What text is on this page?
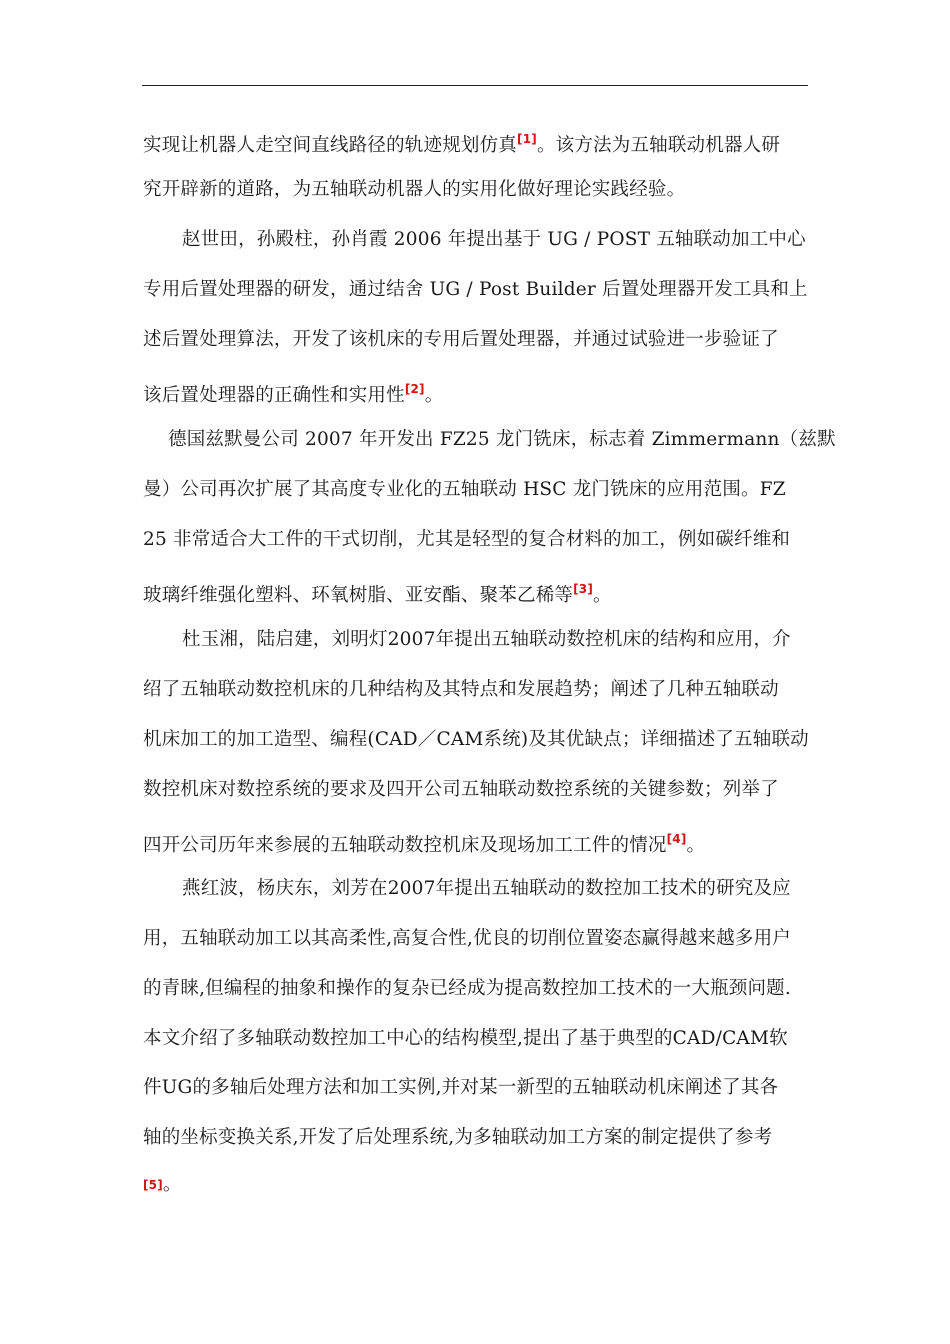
实现让机器人走空间直线路径的轨迹规划仿真[1]。该方法为五轴联动机器人研
究开辟新的道路，为五轴联动机器人的实用化做好理论实践经验。
赵世田，孙殿柱，孙肖霞 2006 年提出基于 UG / POST 五轴联动加工中心
专用后置处理器的研发，通过结舍 UG / Post Builder 后置处理器开发工具和上
述后置处理算法，开发了该机床的专用后置处理器，并通过试验进一步验证了
该后置处理器的正确性和实用性[2]。
德国兹默曼公司 2007 年开发出 FZ25 龙门铣床，标志着 Zimmermann（兹默
曼）公司再次扩展了其高度专业化的五轴联动 HSC 龙门铣床的应用范围。FZ
25 非常适合大工件的干式切削，尤其是轻型的复合材料的加工，例如碳纤维和
玻璃纤维强化塑料、环氧树脂、亚安酯、聚苯乙稀等[3]。
杜玉湘，陆启建，刘明灯2007年提出五轴联动数控机床的结构和应用，介
绍了五轴联动数控机床的几种结构及其特点和发展趋势；阐述了几种五轴联动
机床加工的加工造型、编程(CAD／CAM系统)及其优缺点；详细描述了五轴联动
数控机床对数控系统的要求及四开公司五轴联动数控系统的关键参数；列举了
四开公司历年来参展的五轴联动数控机床及现场加工工件的情况[4]。
燕红波，杨庆东，刘芳在2007年提出五轴联动的数控加工技术的研究及应
用，五轴联动加工以其高柔性,高复合性,优良的切削位置姿态赢得越来越多用户
的青睐,但编程的抽象和操作的复杂已经成为提高数控加工技术的一大瓶颈问题.
本文介绍了多轴联动数控加工中心的结构模型,提出了基于典型的CAD/CAM软
件UG的多轴后处理方法和加工实例,并对某一新型的五轴联动机床阐述了其各
轴的坐标变换关系,开发了后处理系统,为多轴联动加工方案的制定提供了参考
[5]。
